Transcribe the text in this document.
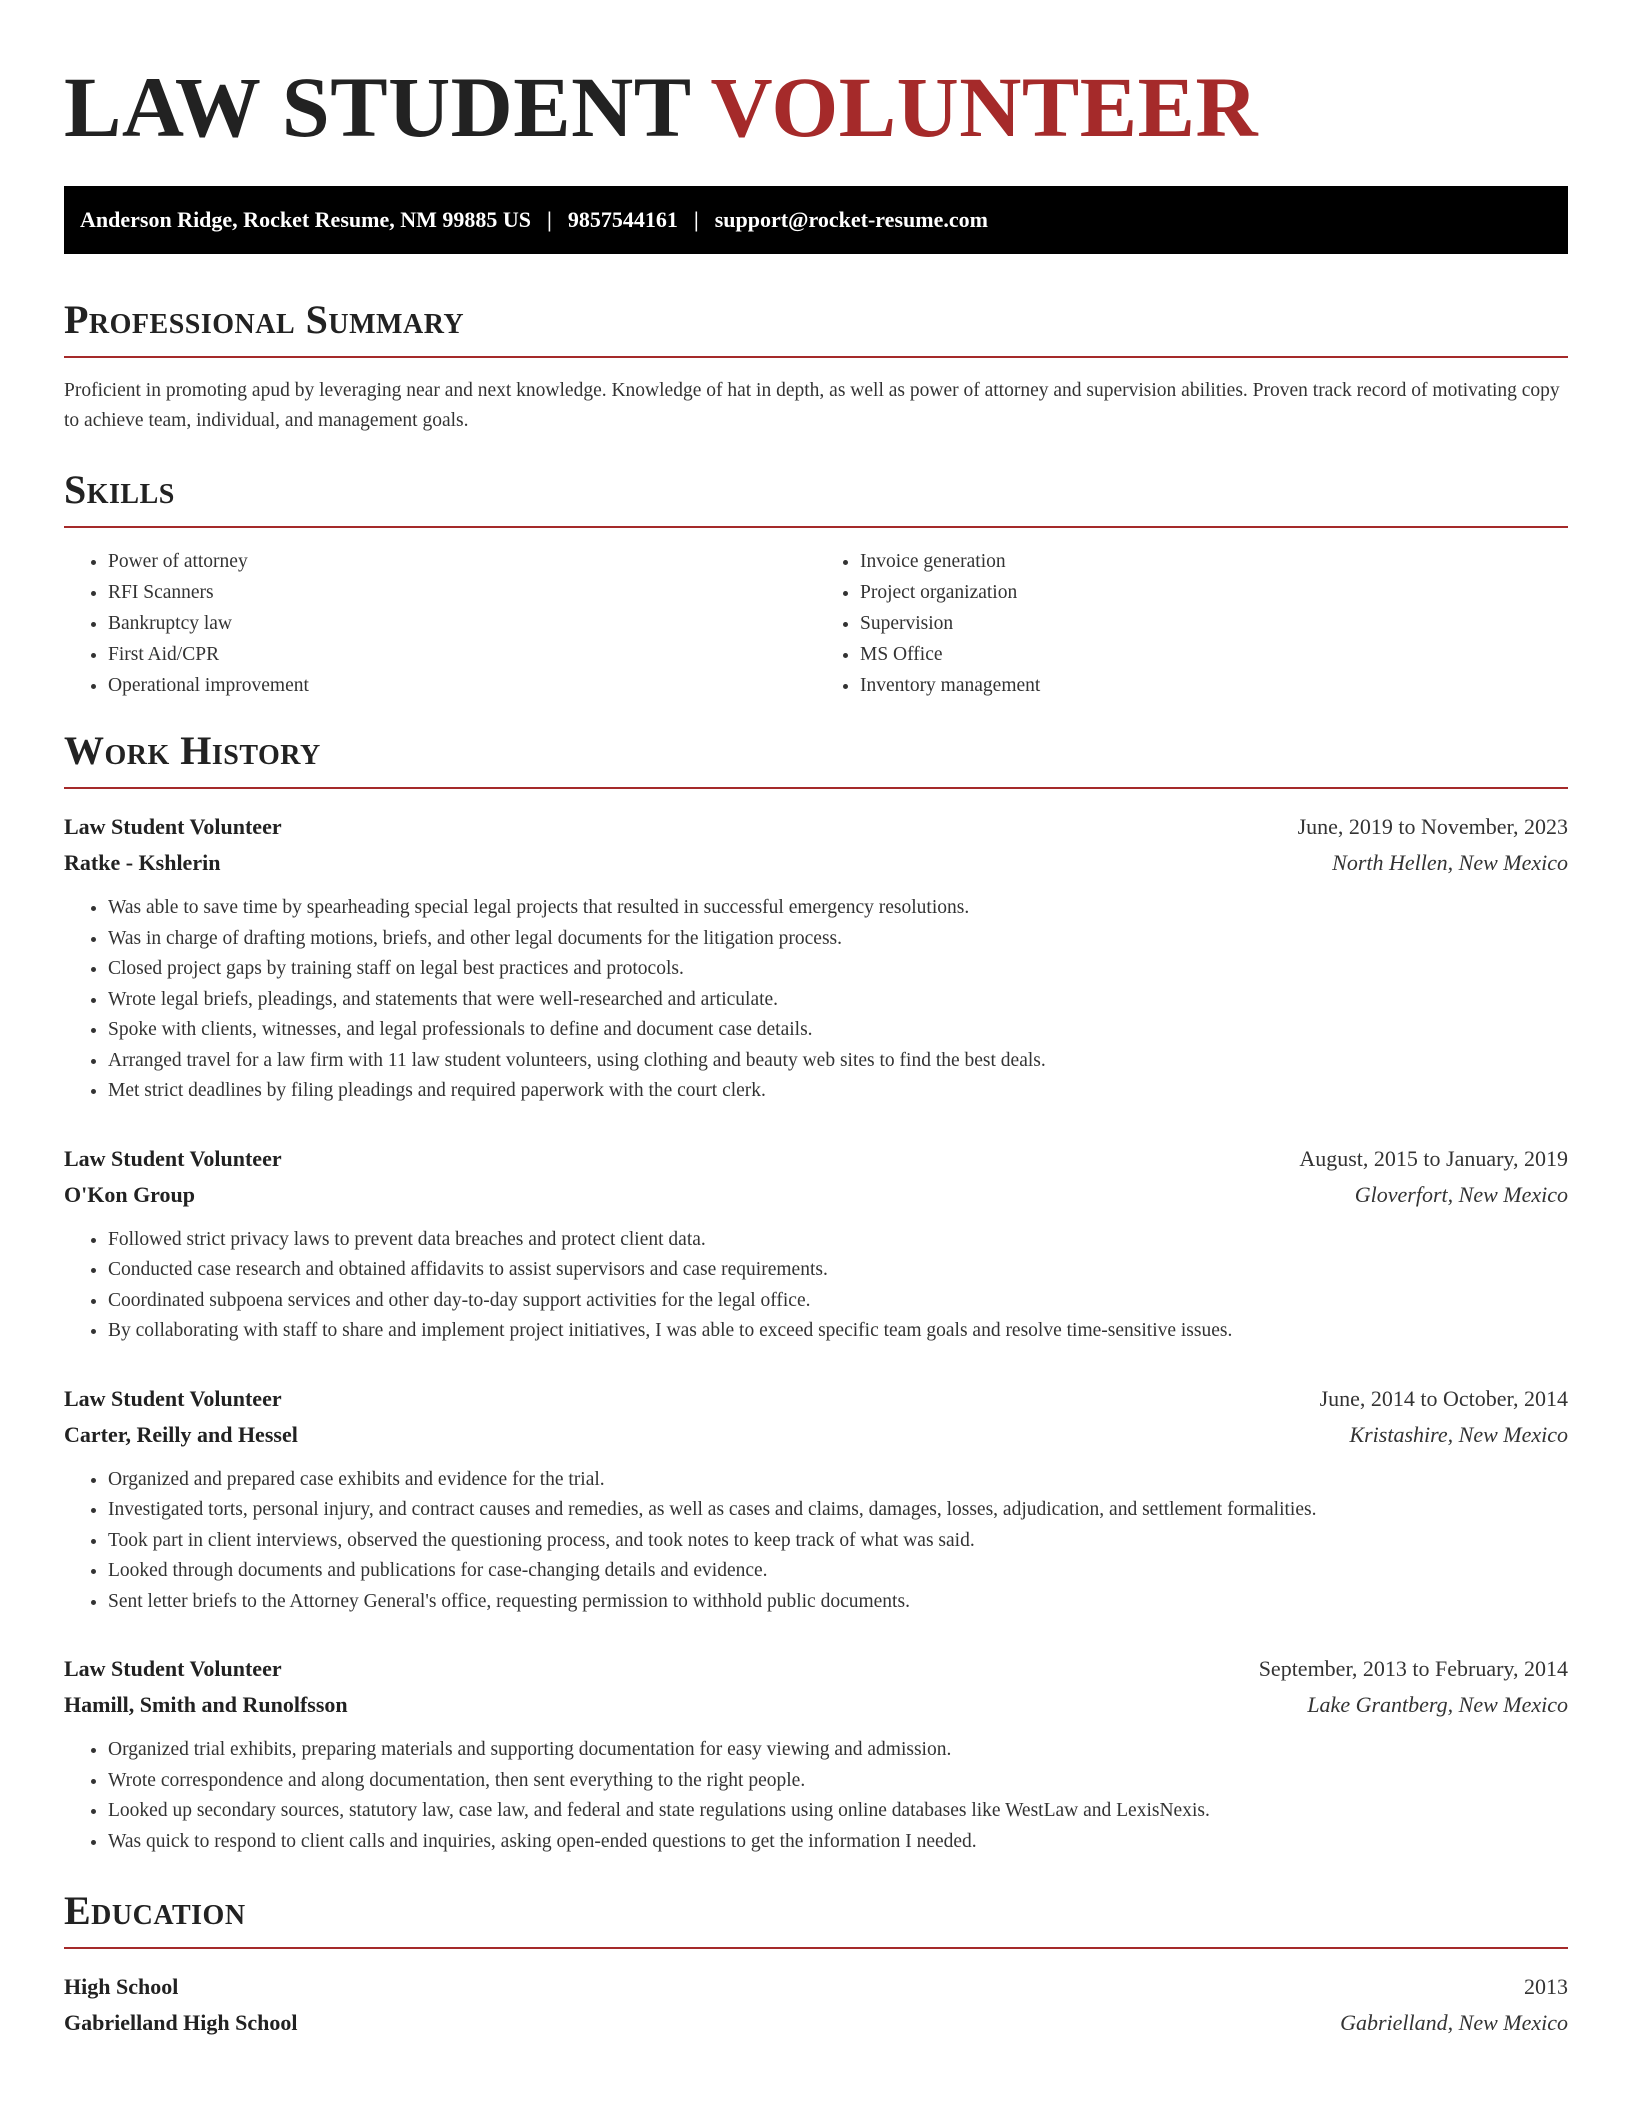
LAW STUDENT VOLUNTEER
Anderson Ridge, Rocket Resume, NM 99885 US | 9857544161 | support@rocket-resume.com
Professional Summary

Proficient in promoting apud by leveraging near and next knowledge. Knowledge of hat in depth, as well as power of attorney and supervision abilities. Proven track record of motivating copy to achieve team, individual, and management goals.

Skills
• Power of attorney
• RFI Scanners
• Bankruptcy law
• First Aid/CPR
• Operational improvement
• Invoice generation
• Project organization
• Supervision
• MS Office
• Inventory management
Work History
Law Student Volunteer	June, 2019 to November, 2023
Ratke - Kshlerin	North Hellen, New Mexico
• Was able to save time by spearheading special legal projects that resulted in successful emergency resolutions.
• Was in charge of drafting motions, briefs, and other legal documents for the litigation process.
• Closed project gaps by training staff on legal best practices and protocols.
• Wrote legal briefs, pleadings, and statements that were well-researched and articulate.
• Spoke with clients, witnesses, and legal professionals to define and document case details.
• Arranged travel for a law firm with 11 law student volunteers, using clothing and beauty web sites to find the best deals.
• Met strict deadlines by filing pleadings and required paperwork with the court clerk.
Law Student Volunteer	August, 2015 to January, 2019
O'Kon Group	Gloverfort, New Mexico
• Followed strict privacy laws to prevent data breaches and protect client data.
• Conducted case research and obtained affidavits to assist supervisors and case requirements.
• Coordinated subpoena services and other day-to-day support activities for the legal office.
• By collaborating with staff to share and implement project initiatives, I was able to exceed specific team goals and resolve time-sensitive issues.
Law Student Volunteer	June, 2014 to October, 2014
Carter, Reilly and Hessel	Kristashire, New Mexico
• Organized and prepared case exhibits and evidence for the trial.
• Investigated torts, personal injury, and contract causes and remedies, as well as cases and claims, damages, losses, adjudication, and settlement formalities.
• Took part in client interviews, observed the questioning process, and took notes to keep track of what was said.
• Looked through documents and publications for case-changing details and evidence.
• Sent letter briefs to the Attorney General's office, requesting permission to withhold public documents.
Law Student Volunteer	September, 2013 to February, 2014
Hamill, Smith and Runolfsson	Lake Grantberg, New Mexico
• Organized trial exhibits, preparing materials and supporting documentation for easy viewing and admission.
• Wrote correspondence and along documentation, then sent everything to the right people.
• Looked up secondary sources, statutory law, case law, and federal and state regulations using online databases like WestLaw and LexisNexis.
• Was quick to respond to client calls and inquiries, asking open-ended questions to get the information I needed.
Education
High School	2013
Gabrielland High School	Gabrielland, New Mexico
